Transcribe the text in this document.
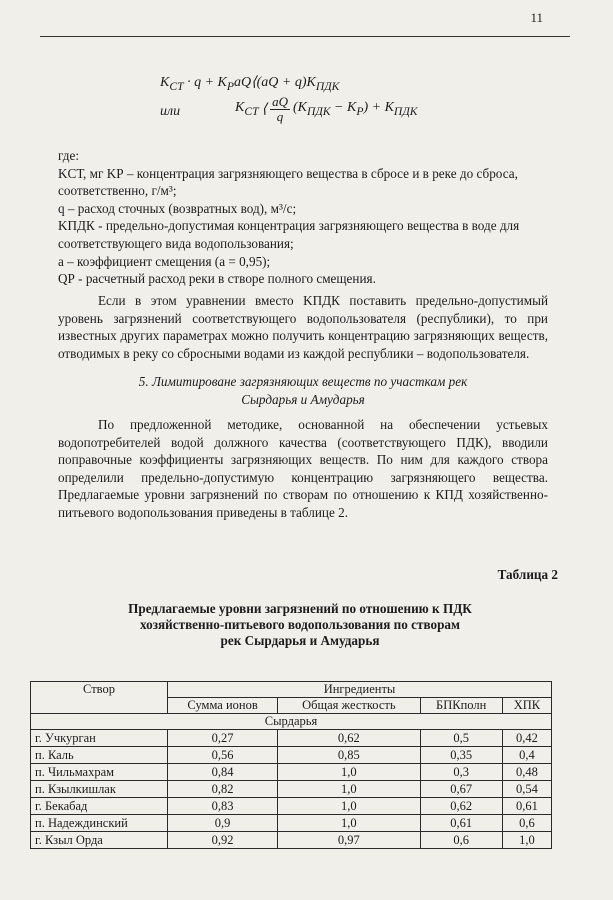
11
$K_{СТ} \cdot q$ + $K_PaQ⟨(aQ + q)K_{ПДК}$
или	$K_{СТ}$ ⟨ $\frac{aQ}{q} (K_{ПДК} - K_P) + K_{ПДК}$

где:

KСТ, мг KР – концентрация загрязняющего вещества в сбросе и в реке до сброса,

соответственно, г/м³;

q – расход сточных (возвратных вод), м³/с;

KПДК - предельно-допустимая концентрация загрязняющего вещества в воде для

соответствующего вида водопользования;

а – коэффициент смещения (а = 0,95);

QР - расчетный расход реки в створе полного смещения.

Если в этом уравнении вместо KПДК поставить предельно-допустимый уровень загрязнений соответствующего водопользователя (республики), то при известных других параметрах можно получить концентрацию загрязняющих веществ, отводимых в реку со сбросными водами из каждой республики – водопользователя.

5. Лимитироване загрязняющих веществ по участкам рек
Сырдарья и Амударья

По предложенной методике, основанной на обеспечении устьевых водопотребителей водой должного качества (соответствующего ПДК), вводили поправочные коэффициенты загрязняющих веществ. По ним для каждого створа определили предельно-допустимую концентрацию загрязняющего вещества. Предлагаемые уровни загрязнений по створам по отношению к КПД хозяйственно-питьевого водопользования приведены в таблице 2.

Таблица 2
Предлагаемые уровни загрязнений по отношению к ПДК
хозяйственно-питьевого водопользования по створам
рек Сырдарья и Амударья
Створ	Ингредиенты			
	Сумма ионов	Общая жесткость	БПКполн	ХПК
Сырдарья				
г. Учкурган	0,27	0,62	0,5	0,42
п. Каль	0,56	0,85	0,35	0,4
п. Чильмахрам	0,84	1,0	0,3	0,48
п. Кзылкишлак	0,82	1,0	0,67	0,54
г. Бекабад	0,83	1,0	0,62	0,61
п. Надеждинский	0,9	1,0	0,61	0,6
г. Кзыл Орда	0,92	0,97	0,6	1,0
